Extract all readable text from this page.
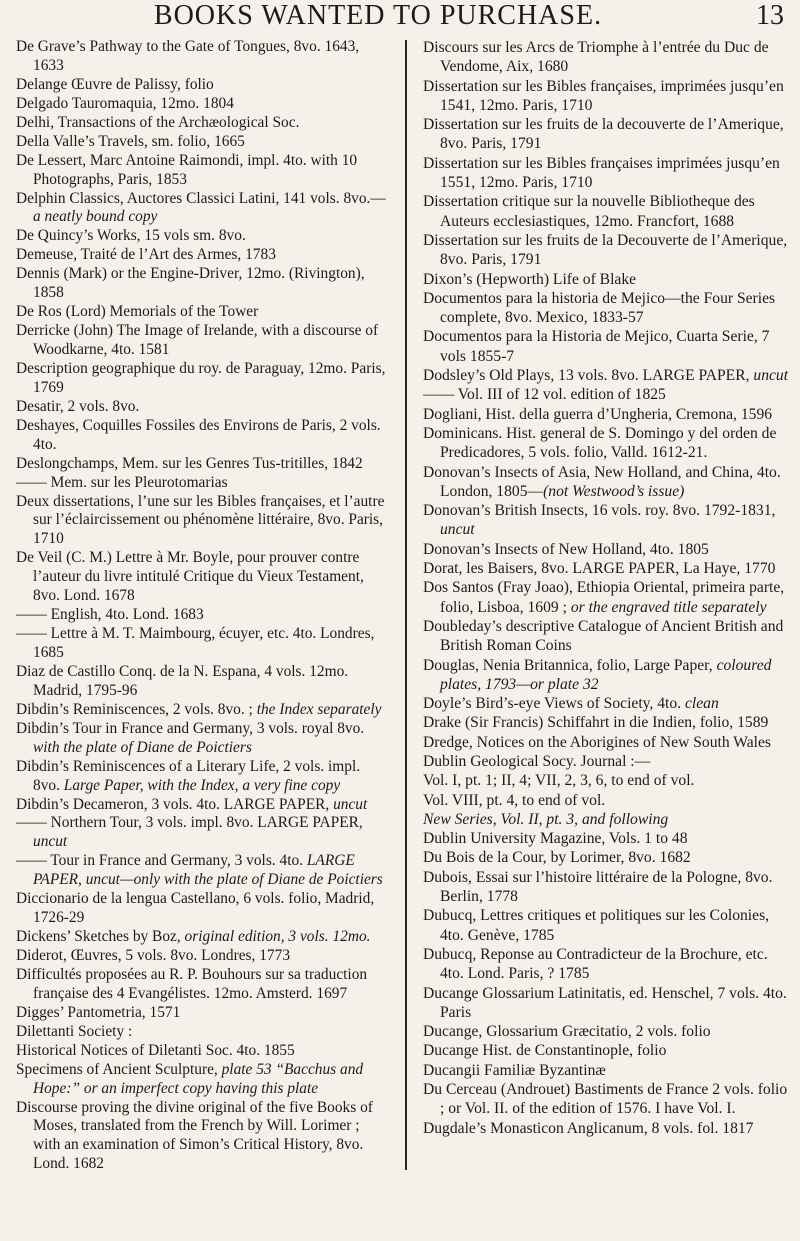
BOOKS WANTED TO PURCHASE.	13

De Grave’s Pathway to the Gate of Tongues, 8vo. 1643, 1633

Delange Œuvre de Palissy, folio

Delgado Tauromaquia, 12mo. 1804

Delhi, Transactions of the Archæological Soc.

Della Valle’s Travels, sm. folio, 1665

De Lessert, Marc Antoine Raimondi, impl. 4to. with 10 Photographs, Paris, 1853

Delphin Classics, Auctores Classici Latini, 141 vols. 8vo.—a neatly bound copy

De Quincy’s Works, 15 vols sm. 8vo.

Demeuse, Traité de l’Art des Armes, 1783

Dennis (Mark) or the Engine-Driver, 12mo. (Rivington), 1858

De Ros (Lord) Memorials of the Tower

Derricke (John) The Image of Irelande, with a discourse of Woodkarne, 4to. 1581

Description geographique du roy. de Paraguay, 12mo. Paris, 1769

Desatir, 2 vols. 8vo.

Deshayes, Coquilles Fossiles des Environs de Paris, 2 vols. 4to.

Deslongchamps, Mem. sur les Genres Tus-tritilles, 1842

—— Mem. sur les Pleurotomarias

Deux dissertations, l’une sur les Bibles françaises, et l’autre sur l’éclaircissement ou phénomène littéraire, 8vo. Paris, 1710

De Veil (C. M.) Lettre à Mr. Boyle, pour prouver contre l’auteur du livre intitulé Critique du Vieux Testament, 8vo. Lond. 1678

—— English, 4to. Lond. 1683

—— Lettre à M. T. Maimbourg, écuyer, etc. 4to. Londres, 1685

Diaz de Castillo Conq. de la N. Espana, 4 vols. 12mo. Madrid, 1795-96

Dibdin’s Reminiscences, 2 vols. 8vo. ; the Index separately

Dibdin’s Tour in France and Germany, 3 vols. royal 8vo. with the plate of Diane de Poictiers

Dibdin’s Reminiscences of a Literary Life, 2 vols. impl. 8vo. Large Paper, with the Index, a very fine copy

Dibdin’s Decameron, 3 vols. 4to. LARGE PAPER, uncut

—— Northern Tour, 3 vols. impl. 8vo. LARGE PAPER, uncut

—— Tour in France and Germany, 3 vols. 4to. LARGE PAPER, uncut—only with the plate of Diane de Poictiers

Diccionario de la lengua Castellano, 6 vols. folio, Madrid, 1726-29

Dickens’ Sketches by Boz, original edition, 3 vols. 12mo.

Diderot, Œuvres, 5 vols. 8vo. Londres, 1773

Difficultés proposées au R. P. Bouhours sur sa traduction française des 4 Evangélistes. 12mo. Amsterd. 1697

Digges’ Pantometria, 1571

Dilettanti Society :

Historical Notices of Diletanti Soc. 4to. 1855

Specimens of Ancient Sculpture, plate 53 “Bacchus and Hope:” or an imperfect copy having this plate

Discourse proving the divine original of the five Books of Moses, translated from the French by Will. Lorimer ; with an examination of Simon’s Critical History, 8vo. Lond. 1682

Discours sur les Arcs de Triomphe à l’entrée du Duc de Vendome, Aix, 1680

Dissertation sur les Bibles françaises, imprimées jusqu’en 1541, 12mo. Paris, 1710

Dissertation sur les fruits de la decouverte de l’Amerique, 8vo. Paris, 1791

Dissertation sur les Bibles françaises imprimées jusqu’en 1551, 12mo. Paris, 1710

Dissertation critique sur la nouvelle Bibliotheque des Auteurs ecclesiastiques, 12mo. Francfort, 1688

Dissertation sur les fruits de la Decouverte de l’Amerique, 8vo. Paris, 1791

Dixon’s (Hepworth) Life of Blake

Documentos para la historia de Mejico—the Four Series complete, 8vo. Mexico, 1833-57

Documentos para la Historia de Mejico, Cuarta Serie, 7 vols 1855-7

Dodsley’s Old Plays, 13 vols. 8vo. LARGE PAPER, uncut

—— Vol. III of 12 vol. edition of 1825

Dogliani, Hist. della guerra d’Ungheria, Cremona, 1596

Dominicans. Hist. general de S. Domingo y del orden de Predicadores, 5 vols. folio, Valld. 1612-21.

Donovan’s Insects of Asia, New Holland, and China, 4to. London, 1805—(not Westwood’s issue)

Donovan’s British Insects, 16 vols. roy. 8vo. 1792-1831, uncut

Donovan’s Insects of New Holland, 4to. 1805

Dorat, les Baisers, 8vo. LARGE PAPER, La Haye, 1770

Dos Santos (Fray Joao), Ethiopia Oriental, primeira parte, folio, Lisboa, 1609 ; or the engraved title separately

Doubleday’s descriptive Catalogue of Ancient British and British Roman Coins

Douglas, Nenia Britannica, folio, Large Paper, coloured plates, 1793—or plate 32

Doyle’s Bird’s-eye Views of Society, 4to. clean

Drake (Sir Francis) Schiffahrt in die Indien, folio, 1589

Dredge, Notices on the Aborigines of New South Wales

Dublin Geological Socy. Journal :—

Vol. I, pt. 1; II, 4; VII, 2, 3, 6, to end of vol.

Vol. VIII, pt. 4, to end of vol.

New Series, Vol. II, pt. 3, and following

Dublin University Magazine, Vols. 1 to 48

Du Bois de la Cour, by Lorimer, 8vo. 1682

Dubois, Essai sur l’histoire littéraire de la Pologne, 8vo. Berlin, 1778

Dubucq, Lettres critiques et politiques sur les Colonies, 4to. Genève, 1785

Dubucq, Reponse au Contradicteur de la Brochure, etc. 4to. Lond. Paris, ? 1785

Ducange Glossarium Latinitatis, ed. Henschel, 7 vols. 4to. Paris

Ducange, Glossarium Græcitatio, 2 vols. folio

Ducange Hist. de Constantinople, folio

Ducangii Familiæ Byzantinæ

Du Cerceau (Androuet) Bastiments de France 2 vols. folio ; or Vol. II. of the edition of 1576. I have Vol. I.

Dugdale’s Monasticon Anglicanum, 8 vols. fol. 1817
